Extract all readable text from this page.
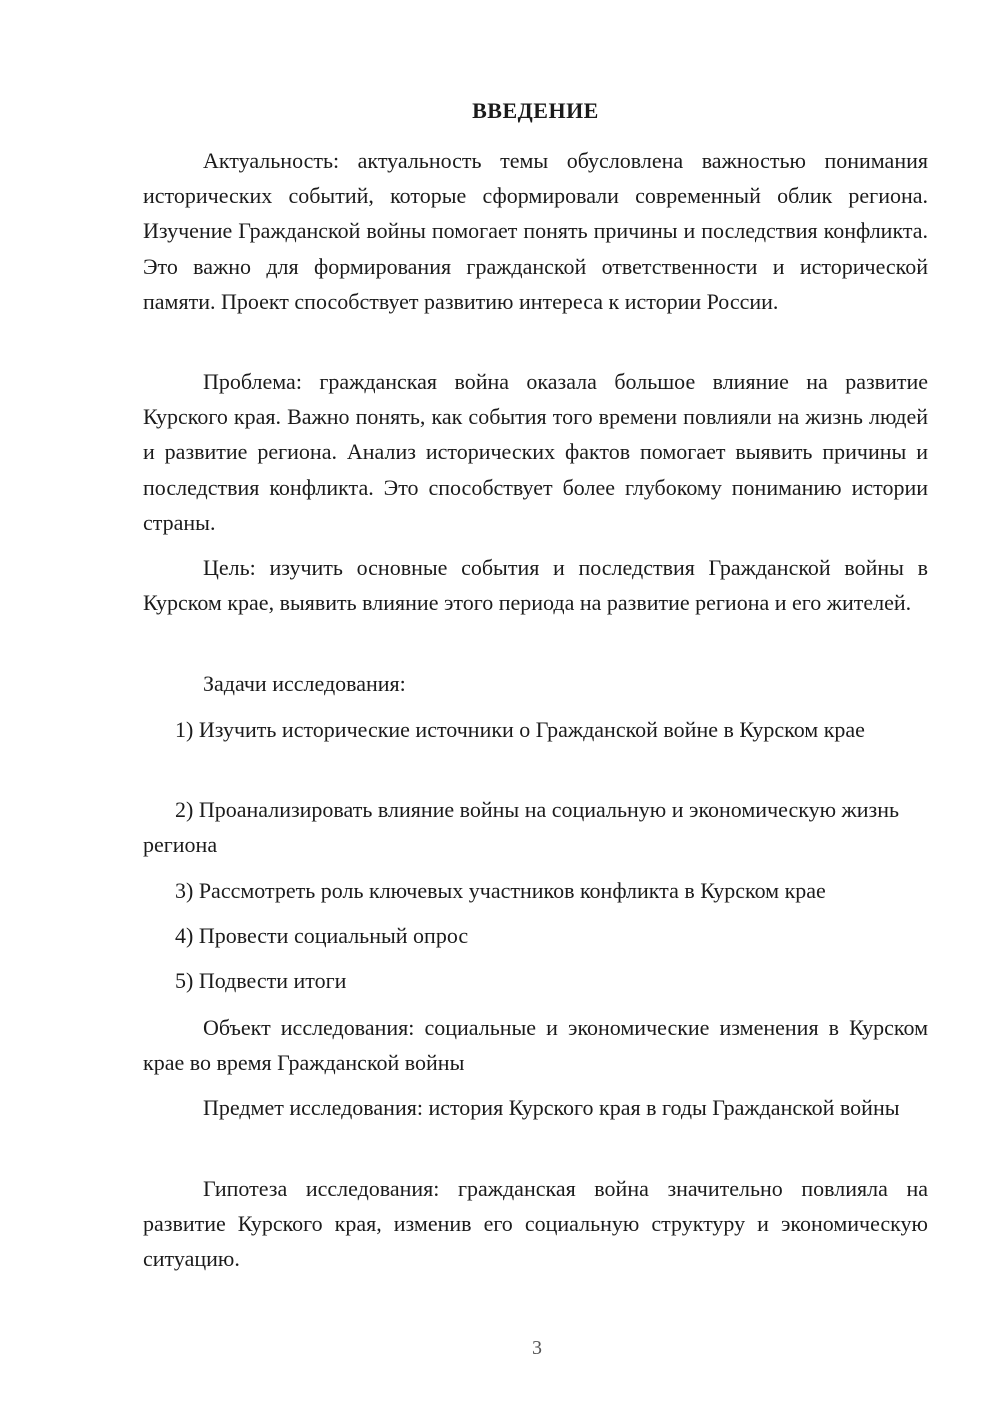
ВВЕДЕНИЕ

Актуальность: актуальность темы обусловлена важностью понимания исторических событий, которые сформировали современный облик региона. Изучение Гражданской войны помогает понять причины и последствия конфликта. Это важно для формирования гражданской ответственности и исторической памяти. Проект способствует развитию интереса к истории России.

Проблема: гражданская война оказала большое влияние на развитие Курского края. Важно понять, как события того времени повлияли на жизнь людей и развитие региона. Анализ исторических фактов помогает выявить причины и последствия конфликта. Это способствует более глубокому пониманию истории страны.

Цель: изучить основные события и последствия Гражданской войны в Курском крае, выявить влияние этого периода на развитие региона и его жителей.

Задачи исследования:

1) Изучить исторические источники о Гражданской войне в Курском крае

2) Проанализировать влияние войны на социальную и экономическую жизнь региона

3) Рассмотреть роль ключевых участников конфликта в Курском крае

4) Провести социальный опрос

5) Подвести итоги

Объект исследования: социальные и экономические изменения в Курском крае во время Гражданской войны

Предмет исследования: история Курского края в годы Гражданской войны

Гипотеза исследования: гражданская война значительно повлияла на развитие Курского края, изменив его социальную структуру и экономическую ситуацию.

3
